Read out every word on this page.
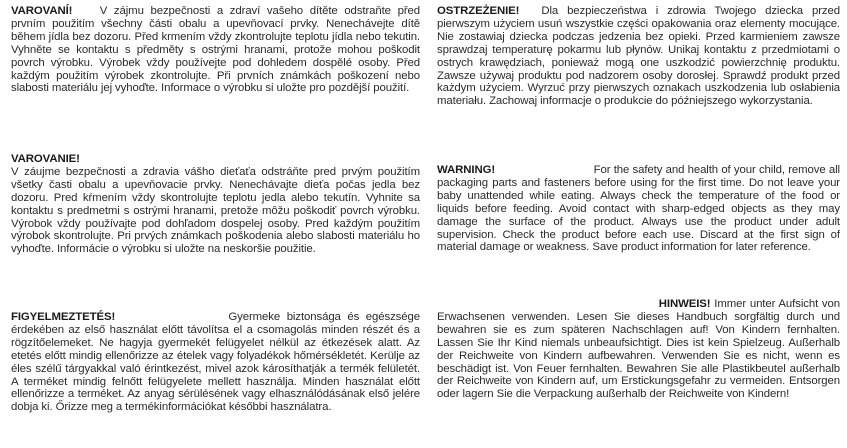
VAROVANÍ! V zájmu bezpečnosti a zdraví vašeho dítěte odstraňte před prvním použitím všechny části obalu a upevňovací prvky. Nenechávejte dítě během jídla bez dozoru. Před krmením vždy zkontrolujte teplotu jídla nebo tekutin. Vyhněte se kontaktu s předměty s ostrými hranami, protože mohou poškodit povrch výrobku. Výrobek vždy používejte pod dohledem dospělé osoby. Před každým použitím výrobek zkontrolujte. Při prvních známkách poškození nebo slabosti materiálu jej vyhoďte. Informace o výrobku si uložte pro pozdější použití.

VAROVANIE!
V záujme bezpečnosti a zdravia vášho dieťaťa odstráňte pred prvým použitím všetky časti obalu a upevňovacie prvky. Nenechávajte dieťa počas jedla bez dozoru. Pred kŕmením vždy skontrolujte teplotu jedla alebo tekutín. Vyhnite sa kontaktu s predmetmi s ostrými hranami, pretože môžu poškodiť povrch výrobku. Výrobok vždy používajte pod dohľadom dospelej osoby. Pred každým použitím výrobok skontrolujte. Pri prvých známkach poškodenia alebo slabosti materiálu ho vyhoďte. Informácie o výrobku si uložte na neskoršie použitie.

FIGYELMEZTETÉS!	Gyermeke biztonsága és egészsége érdekében az első használat előtt távolítsa el a csomagolás minden részét és a rögzítőelemeket. Ne hagyja gyermekét felügyelet nélkül az étkezések alatt. Az etetés előtt mindig ellenőrizze az ételek vagy folyadékok hőmérsékletét. Kerülje az éles szélű tárgyakkal való érintkezést, mivel azok károsíthatják a termék felületét. A terméket mindig felnőtt felügyelete mellett használja. Minden használat előtt ellenőrizze a terméket. Az anyag sérülésének vagy elhasználódásának első jelére dobja ki. Őrizze meg a termékinformációkat későbbi használatra.

OSTRZEŻENIE! Dla bezpieczeństwa i zdrowia Twojego dziecka przed pierwszym użyciem usuń wszystkie części opakowania oraz elementy mocujące. Nie zostawiaj dziecka podczas jedzenia bez opieki. Przed karmieniem zawsze sprawdzaj temperaturę pokarmu lub płynów. Unikaj kontaktu z przedmiotami o ostrych krawędziach, ponieważ mogą one uszkodzić powierzchnię produktu. Zawsze używaj produktu pod nadzorem osoby dorosłej. Sprawdź produkt przed każdym użyciem. Wyrzuć przy pierwszych oznakach uszkodzenia lub osłabienia materiału. Zachowaj informacje o produkcie do późniejszego wykorzystania.

WARNING!	For the safety and health of your child, remove all packaging parts and fasteners before using for the first time. Do not leave your baby unattended while eating. Always check the temperature of the food or liquids before feeding. Avoid contact with sharp-edged objects as they may damage the surface of the product. Always use the product under adult supervision. Check the product before each use. Discard at the first sign of material damage or weakness. Save product information for later reference.

HINWEIS! Immer unter Aufsicht von Erwachsenen verwenden. Lesen Sie dieses Handbuch sorgfältig durch und bewahren sie es zum späteren Nachschlagen auf! Von Kindern fernhalten. Lassen Sie Ihr Kind niemals unbeaufsichtigt. Dies ist kein Spielzeug. Außerhalb der Reichweite von Kindern aufbewahren. Verwenden Sie es nicht, wenn es beschädigt ist. Von Feuer fernhalten. Bewahren Sie alle Plastikbeutel außerhalb der Reichweite von Kindern auf, um Erstickungsgefahr zu vermeiden. Entsorgen oder lagern Sie die Verpackung außerhalb der Reichweite von Kindern!
